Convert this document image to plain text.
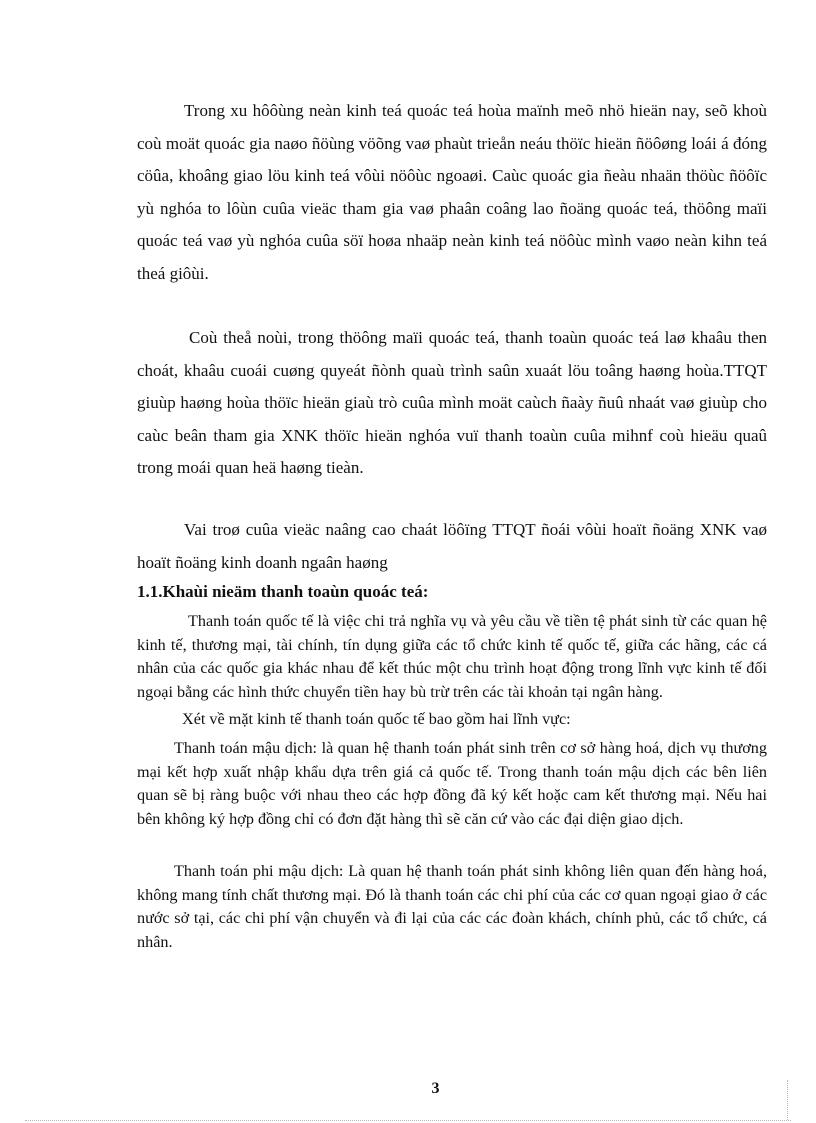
Trong xu hôôùng neàn kinh teá quoác teá hoùa maïnh meõ nhö hieän nay, seõ khoù coù moät quoác gia naøo ñöùng vöõng vaø phaùt trieån neáu thöïc hieän ñöôøng loái á đóng cöûa, khoâng giao löu kinh teá vôùi nöôùc ngoaøi. Caùc quoác gia ñeàu nhaän thöùc ñöôïc yù nghóa to lôùn cuûa vieäc tham gia vaø phaân coâng lao ñoäng quoác teá, thöông maïi quoác teá vaø yù nghóa cuûa söï hoøa nhaäp neàn kinh teá nöôùc mình vaøo neàn kihn teá theá giôùi.

Coù theå noùi, trong thöông maïi quoác teá, thanh toaùn quoác teá laø khaâu then choát, khaâu cuoái cuøng quyeát ñònh quaù trình saûn xuaát löu toâng haøng hoùa.TTQT giuùp haøng hoùa thöïc hieän giaù trò cuûa mình moät caùch ñaày ñuû nhaát vaø giuùp cho caùc beân tham gia XNK thöïc hieän nghóa vuï thanh toaùn cuûa mihnf coù hieäu quaû trong moái quan heä haøng tieàn.

Vai troø cuûa vieäc naâng cao chaát löôïng TTQT ñoái vôùi hoaït ñoäng XNK vaø hoaït ñoäng kinh doanh ngaân haøng

1.1.Khaùi nieäm thanh toaùn quoác teá:

Thanh toán quốc tế là việc chi trả nghĩa vụ và yêu cầu về tiền tệ phát sinh từ các quan hệ kinh tế, thương mại, tài chính, tín dụng giữa các tổ chức kinh tế quốc tế, giữa các hãng, các cá nhân của các quốc gia khác nhau để kết thúc một chu trình hoạt động trong lĩnh vực kinh tế đối ngoại bằng các hình thức chuyển tiền hay bù trừ trên các tài khoản tại ngân hàng.

Xét về mặt kinh tế thanh toán quốc tế bao gồm hai lĩnh vực:

Thanh toán mậu dịch: là quan hệ thanh toán phát sinh trên cơ sở hàng hoá, dịch vụ thương mại kết hợp xuất nhập khẩu dựa trên giá cả quốc tế. Trong thanh toán mậu dịch các bên liên quan sẽ bị ràng buộc với nhau theo các hợp đồng đã ký kết hoặc cam kết thương mại. Nếu hai bên không ký hợp đồng chỉ có đơn đặt hàng thì sẽ căn cứ vào các đại diện giao dịch.

Thanh toán phi mậu dịch: Là quan hệ thanh toán phát sinh không liên quan đến hàng hoá, không mang tính chất thương mại. Đó là thanh toán các chi phí của các cơ quan ngoại giao ở các nước sở tại, các chi phí vận chuyển và đi lại của các các đoàn khách, chính phủ, các tổ chức, cá nhân.

3
